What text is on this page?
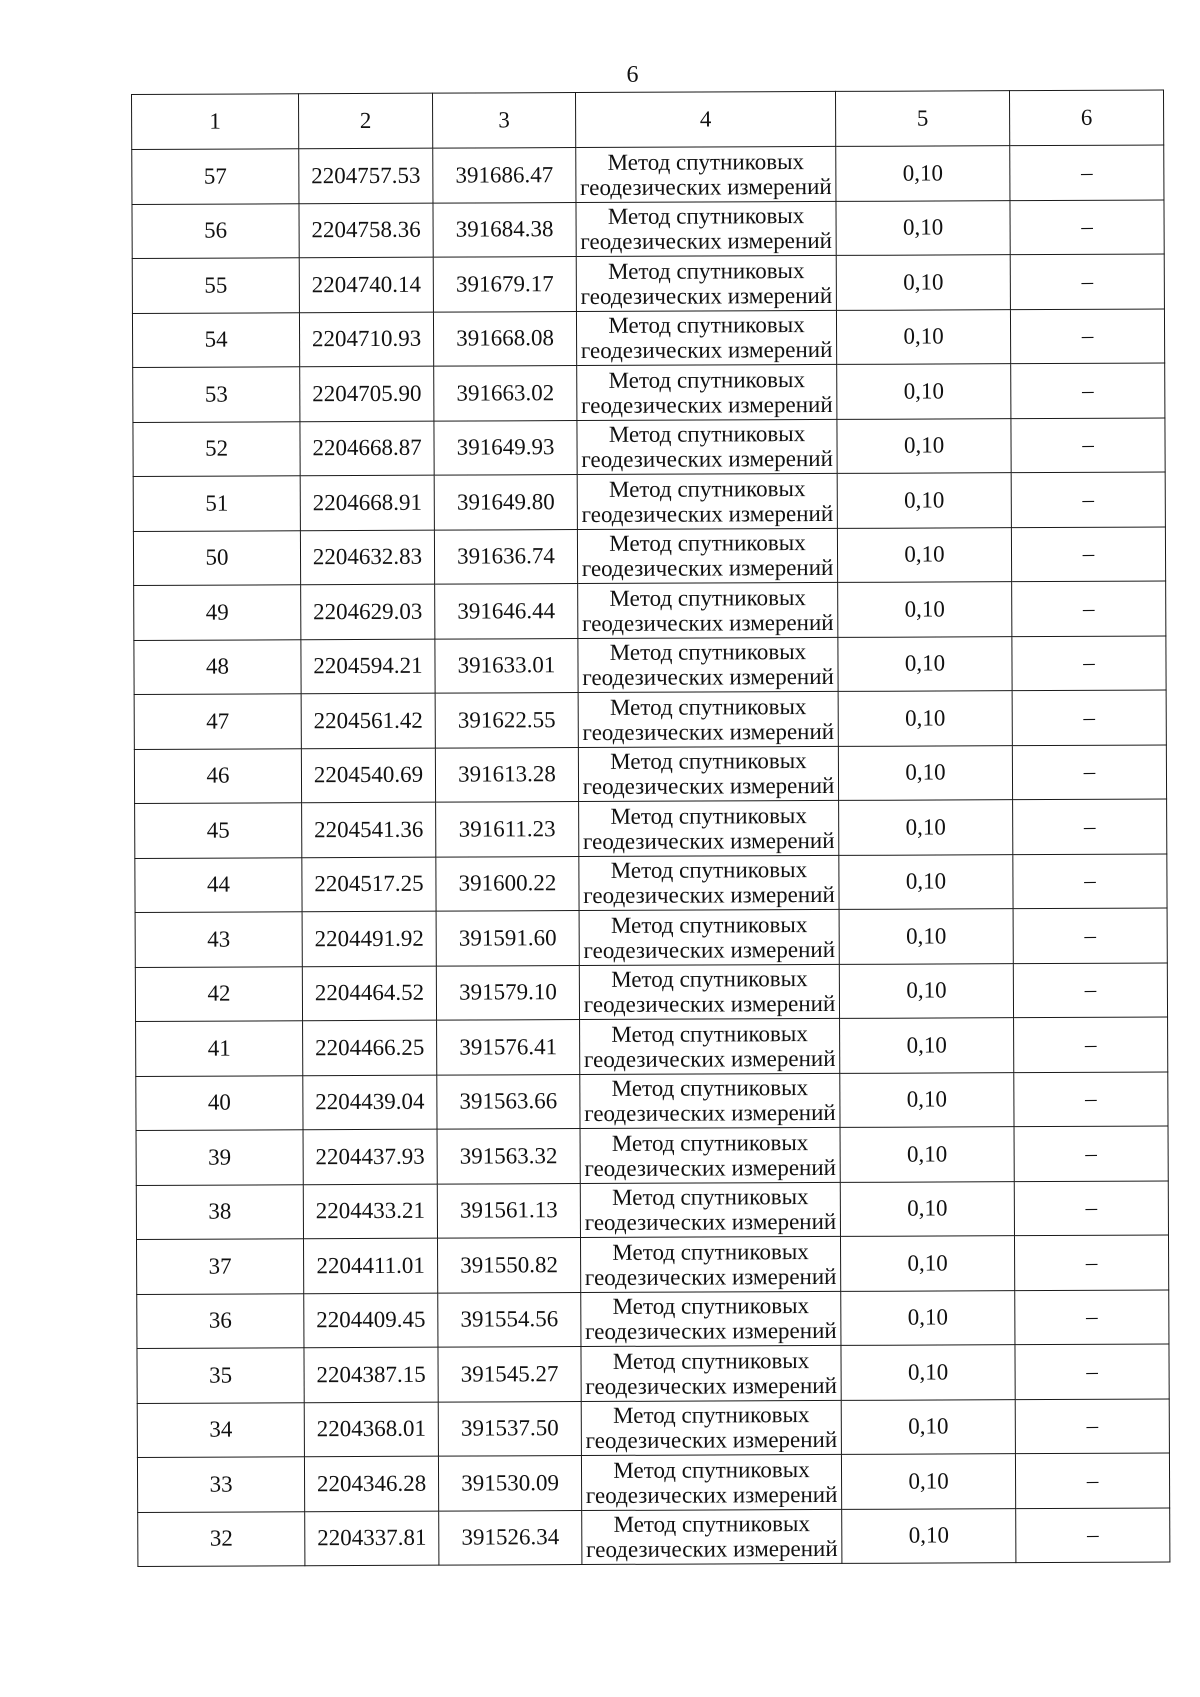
6
1	2	3	4	5	6
57	2204757.53	391686.47	Метод спутниковых
геодезических измерений	0,10	–
56	2204758.36	391684.38	Метод спутниковых
геодезических измерений	0,10	–
55	2204740.14	391679.17	Метод спутниковых
геодезических измерений	0,10	–
54	2204710.93	391668.08	Метод спутниковых
геодезических измерений	0,10	–
53	2204705.90	391663.02	Метод спутниковых
геодезических измерений	0,10	–
52	2204668.87	391649.93	Метод спутниковых
геодезических измерений	0,10	–
51	2204668.91	391649.80	Метод спутниковых
геодезических измерений	0,10	–
50	2204632.83	391636.74	Метод спутниковых
геодезических измерений	0,10	–
49	2204629.03	391646.44	Метод спутниковых
геодезических измерений	0,10	–
48	2204594.21	391633.01	Метод спутниковых
геодезических измерений	0,10	–
47	2204561.42	391622.55	Метод спутниковых
геодезических измерений	0,10	–
46	2204540.69	391613.28	Метод спутниковых
геодезических измерений	0,10	–
45	2204541.36	391611.23	Метод спутниковых
геодезических измерений	0,10	–
44	2204517.25	391600.22	Метод спутниковых
геодезических измерений	0,10	–
43	2204491.92	391591.60	Метод спутниковых
геодезических измерений	0,10	–
42	2204464.52	391579.10	Метод спутниковых
геодезических измерений	0,10	–
41	2204466.25	391576.41	Метод спутниковых
геодезических измерений	0,10	–
40	2204439.04	391563.66	Метод спутниковых
геодезических измерений	0,10	–
39	2204437.93	391563.32	Метод спутниковых
геодезических измерений	0,10	–
38	2204433.21	391561.13	Метод спутниковых
геодезических измерений	0,10	–
37	2204411.01	391550.82	Метод спутниковых
геодезических измерений	0,10	–
36	2204409.45	391554.56	Метод спутниковых
геодезических измерений	0,10	–
35	2204387.15	391545.27	Метод спутниковых
геодезических измерений	0,10	–
34	2204368.01	391537.50	Метод спутниковых
геодезических измерений	0,10	–
33	2204346.28	391530.09	Метод спутниковых
геодезических измерений	0,10	–
32	2204337.81	391526.34	Метод спутниковых
геодезических измерений	0,10	–
